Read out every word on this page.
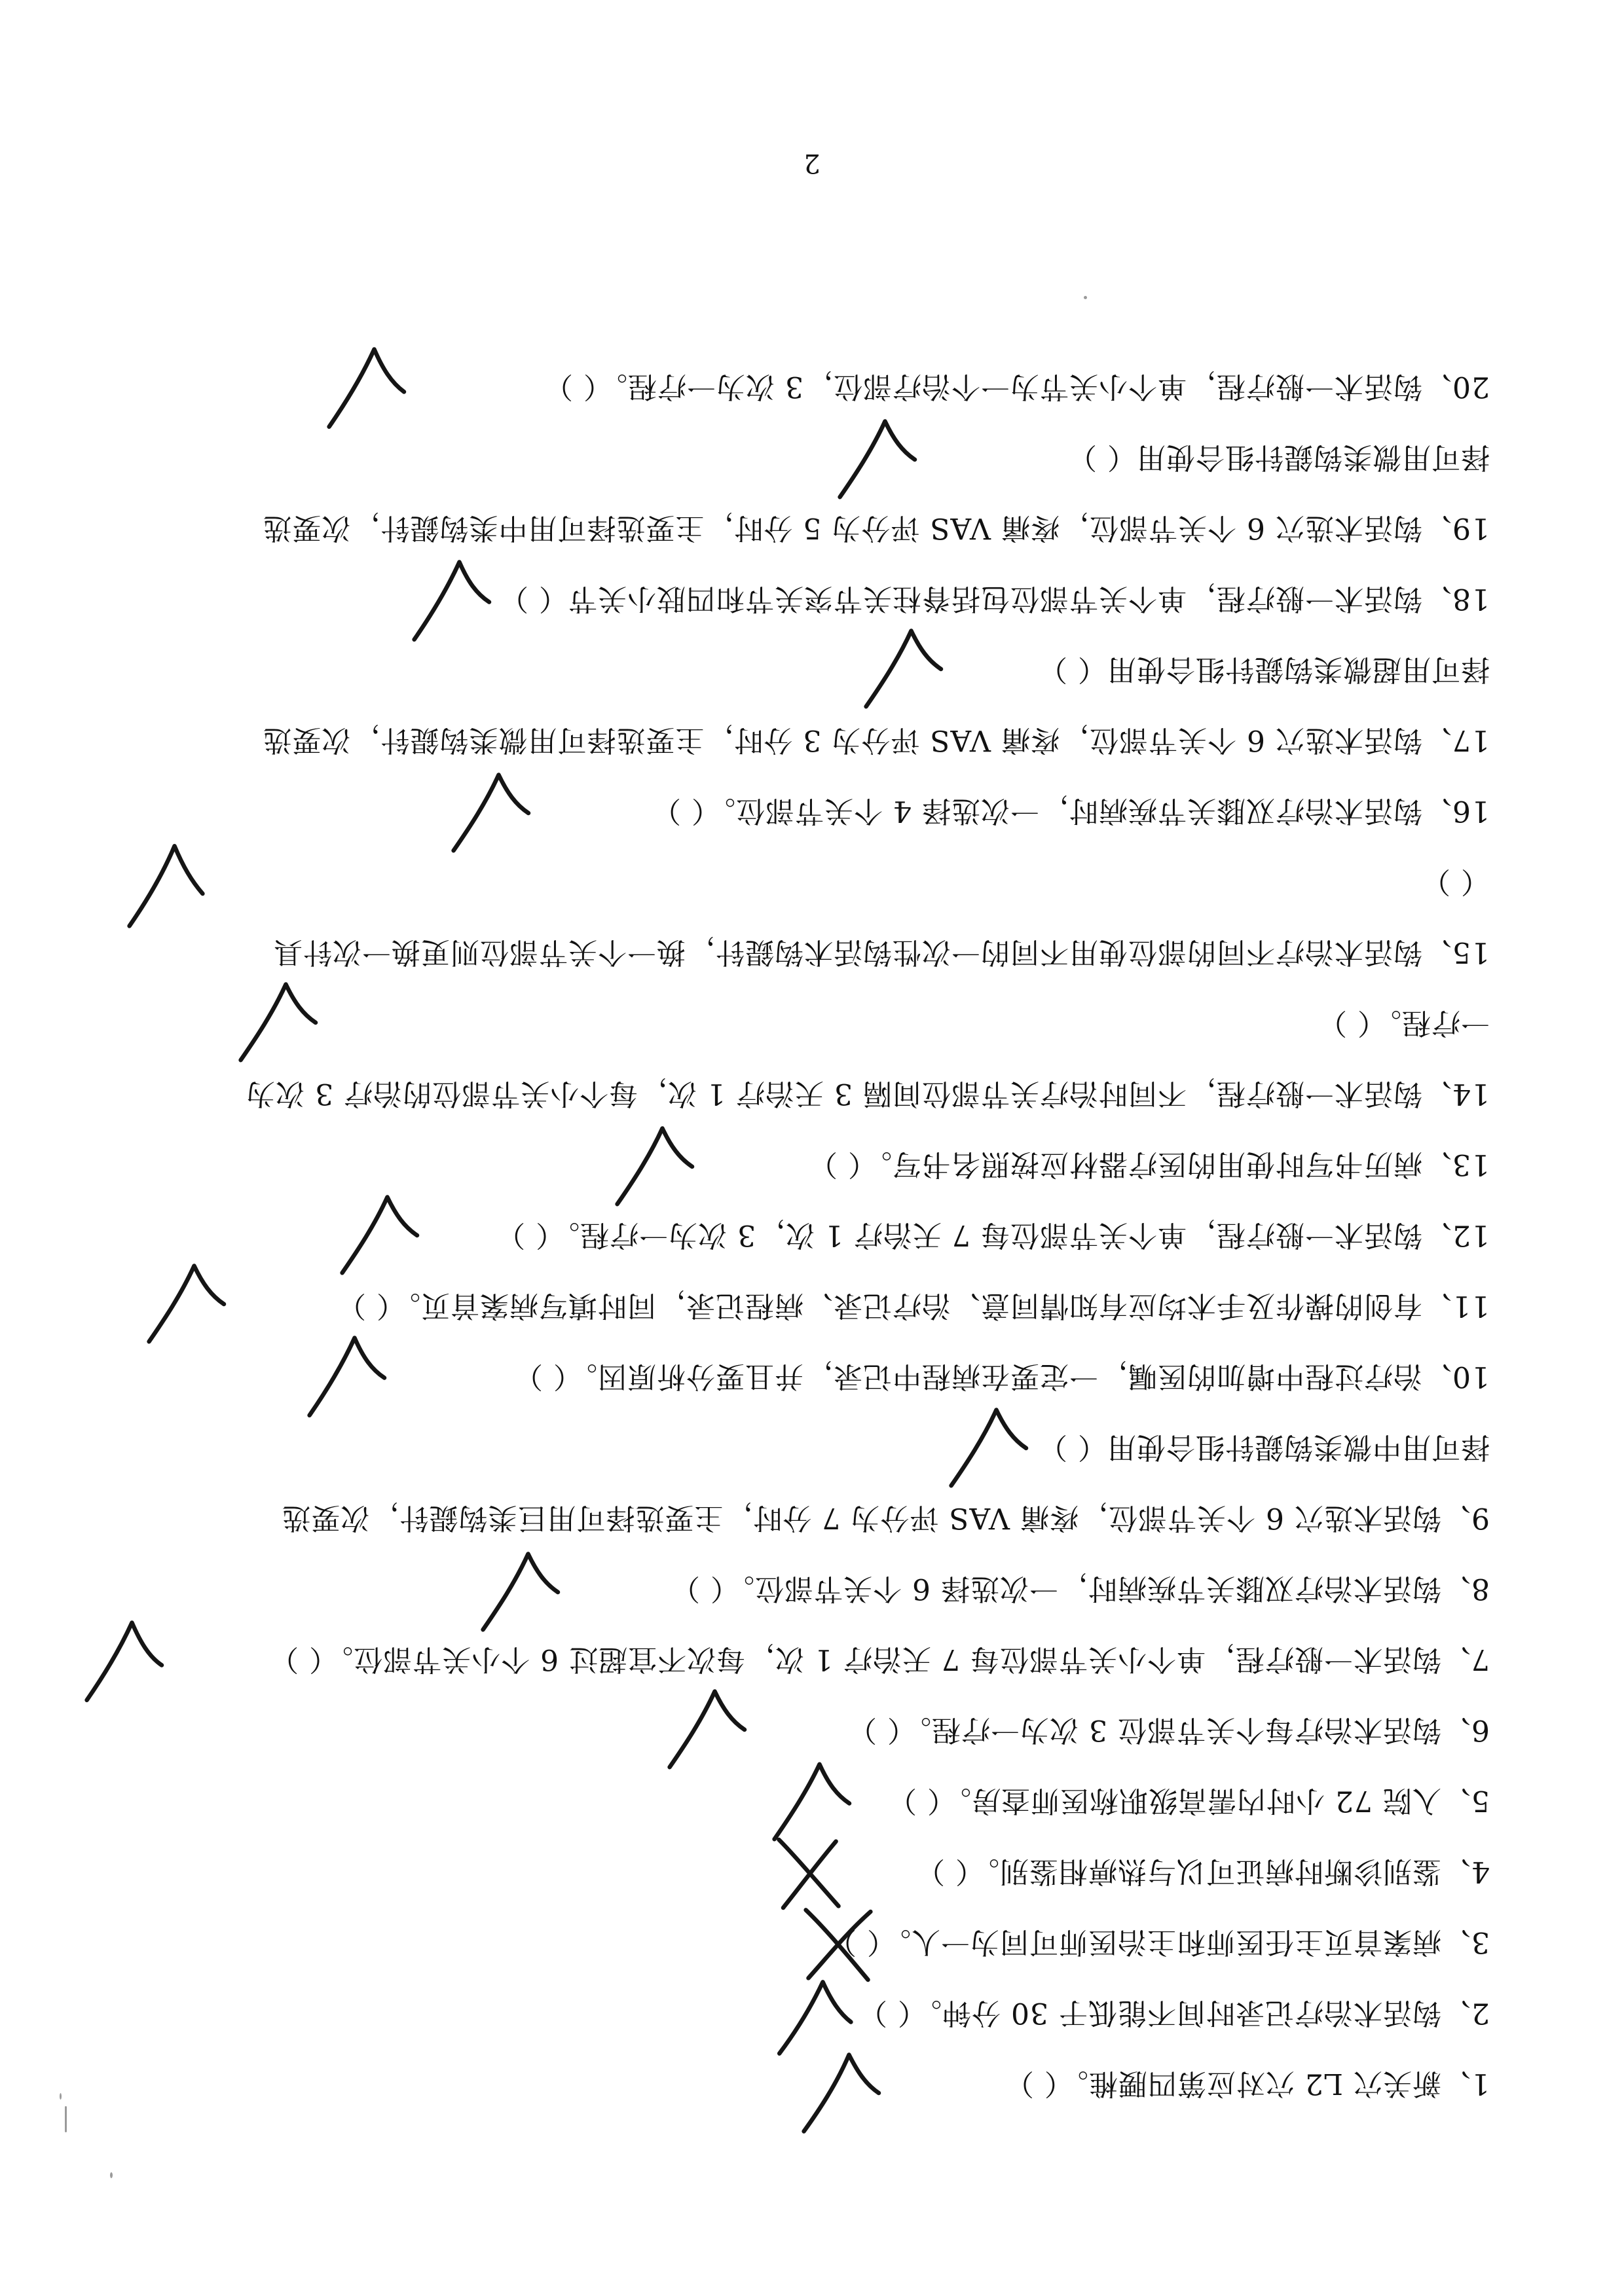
1、新关穴 L2 穴对应第四腰椎。（ ）
2、钩活术治疗记录时间不能低于 30 分钟。（ ）
3、病案首页主任医师和主治医师可同为一人。（ ）
4、鉴别诊断时病证可以与热痹相鉴别。（ ）
5、入院 72 小时内需高级职称医师查房。（ ）
6、钩活术治疗每个关节部位 3 次为一疗程。（ ）
7、钩活术一般疗程，单个小关节部位每 7 天治疗 1 次，每次不宜超过 6 个小关节部位。（ ）
8、钩活术治疗双膝关节疾病时，一次选择 6 个关节部位。（ ）
9、钩活术选穴 6 个关节部位，疼痛 VAS 评分为 7 分时，主要选择可用巨类钩鍉针，次要选
择可用中微类钩鍉针组合使用（ ）
10、治疗过程中增加的医嘱，一定要在病程中记录，并且要分析原因。（ ）
11、有创的操作及手术均应有知情同意、治疗记录、病程记录，同时填写病案首页。（ ）
12、钩活术一般疗程，单个关节部位每 7 天治疗 1 次，3 次为一疗程。（ ）
13、病历书写时使用的医疗器材应按照名书写。（ ）
14、钩活术一般疗程，不同时治疗关节部位间隔 3 天治疗 1 次，每个小关节部位的治疗 3 次为
一疗程。（ ）
15、钩活术治疗不同的部位使用不同的一次性钩活术钩鍉针，换一个关节部位则更换一次针具
（ ）
16、钩活术治疗双膝关节疾病时，一次选择 4 个关节部位。（ ）
17、钩活术选穴 6 个关节部位，疼痛 VAS 评分为 3 分时，主要选择可用微类钩鍉针，次要选
择可用超微类钩鍉针组合使用（ ）
18、钩活术一般疗程，单个关节部位包括脊柱关节突关节和四肢小关节（ ）
19、钩活术选穴 6 个关节部位，疼痛 VAS 评分为 5 分时，主要选择可用中类钩鍉针，次要选
择可用微类钩鍉针组合使用（ ）
20、钩活术一般疗程，单个小关节为一个治疗部位，3 次为一疗程。（ ）
2
